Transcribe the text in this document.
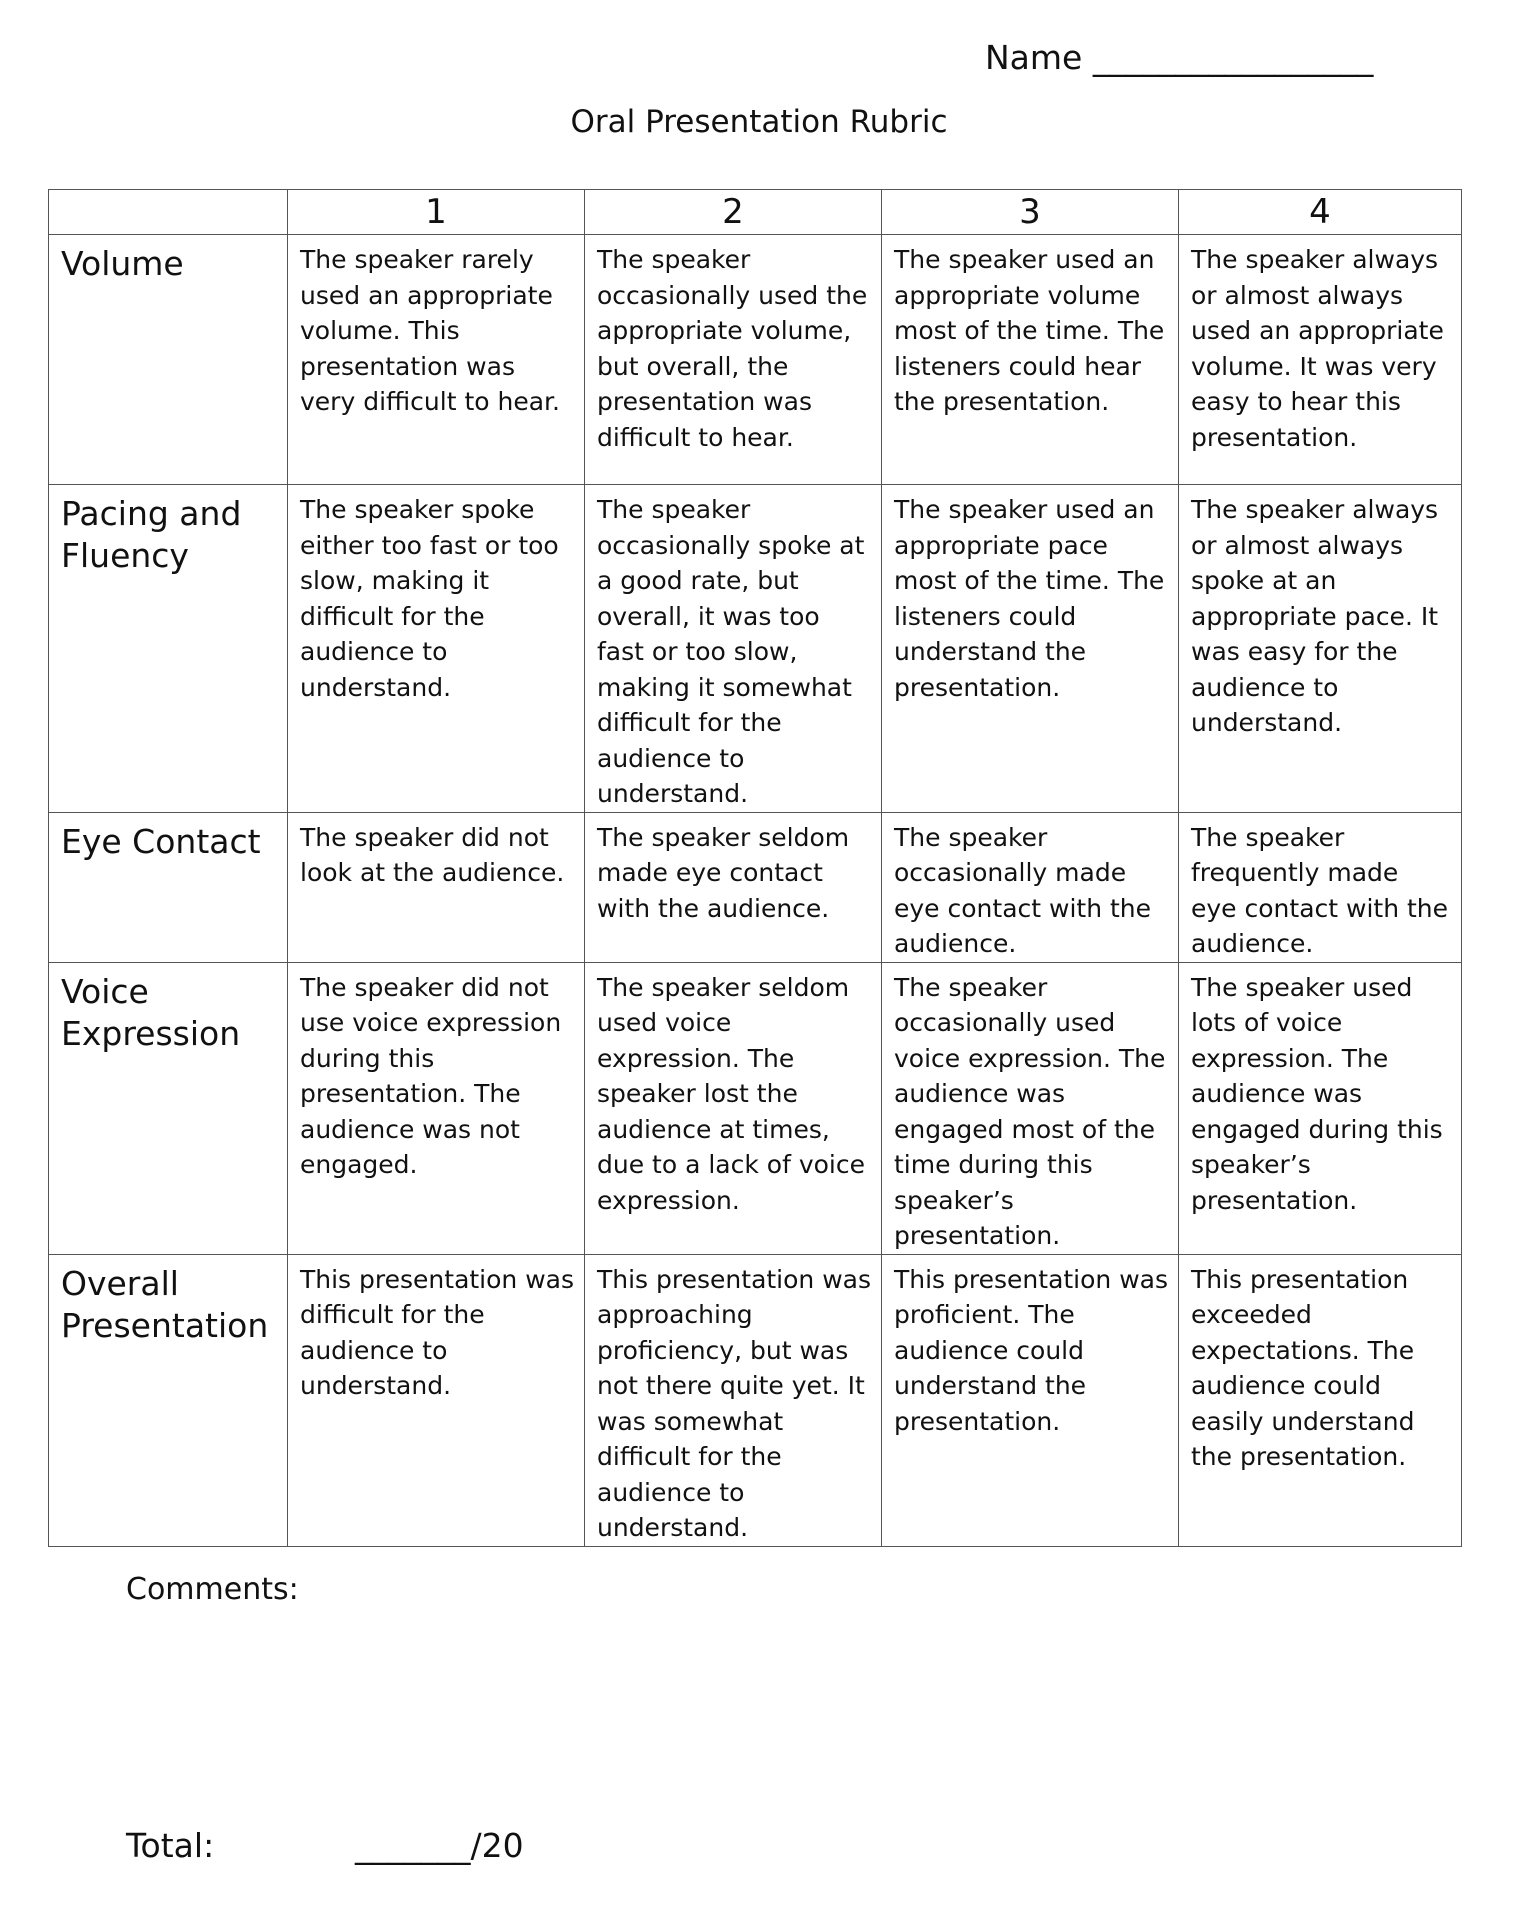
Name _________________
Oral Presentation Rubric
	1	2	3	4
Volume	The speaker rarely used an appropriate volume. This presentation was very difficult to hear.	The speaker occasionally used the appropriate volume, but overall, the presentation was difficult to hear.	The speaker used an appropriate volume most of the time. The listeners could hear the presentation.	The speaker always or almost always used an appropriate volume. It was very easy to hear this presentation.
Pacing and Fluency	The speaker spoke either too fast or too slow, making it difficult for the audience to understand.	The speaker occasionally spoke at a good rate, but overall, it was too fast or too slow, making it somewhat difficult for the audience to understand.	The speaker used an appropriate pace most of the time. The listeners could understand the presentation.	The speaker always or almost always spoke at an appropriate pace. It was easy for the audience to understand.
Eye Contact	The speaker did not look at the audience.	The speaker seldom made eye contact with the audience.	The speaker occasionally made eye contact with the audience.	The speaker frequently made eye contact with the audience.
Voice Expression	The speaker did not use voice expression during this presentation. The audience was not engaged.	The speaker seldom used voice expression. The speaker lost the audience at times, due to a lack of voice expression.	The speaker occasionally used voice expression. The audience was engaged most of the time during this speaker’s presentation.	The speaker used lots of voice expression. The audience was engaged during this speaker’s presentation.
Overall Presentation	This presentation was difficult for the audience to understand.	This presentation was approaching proficiency, but was not there quite yet. It was somewhat difficult for the audience to understand.	This presentation was proficient. The audience could understand the presentation.	This presentation exceeded expectations. The audience could easily understand the presentation.
Comments:
Total:	_______/20
